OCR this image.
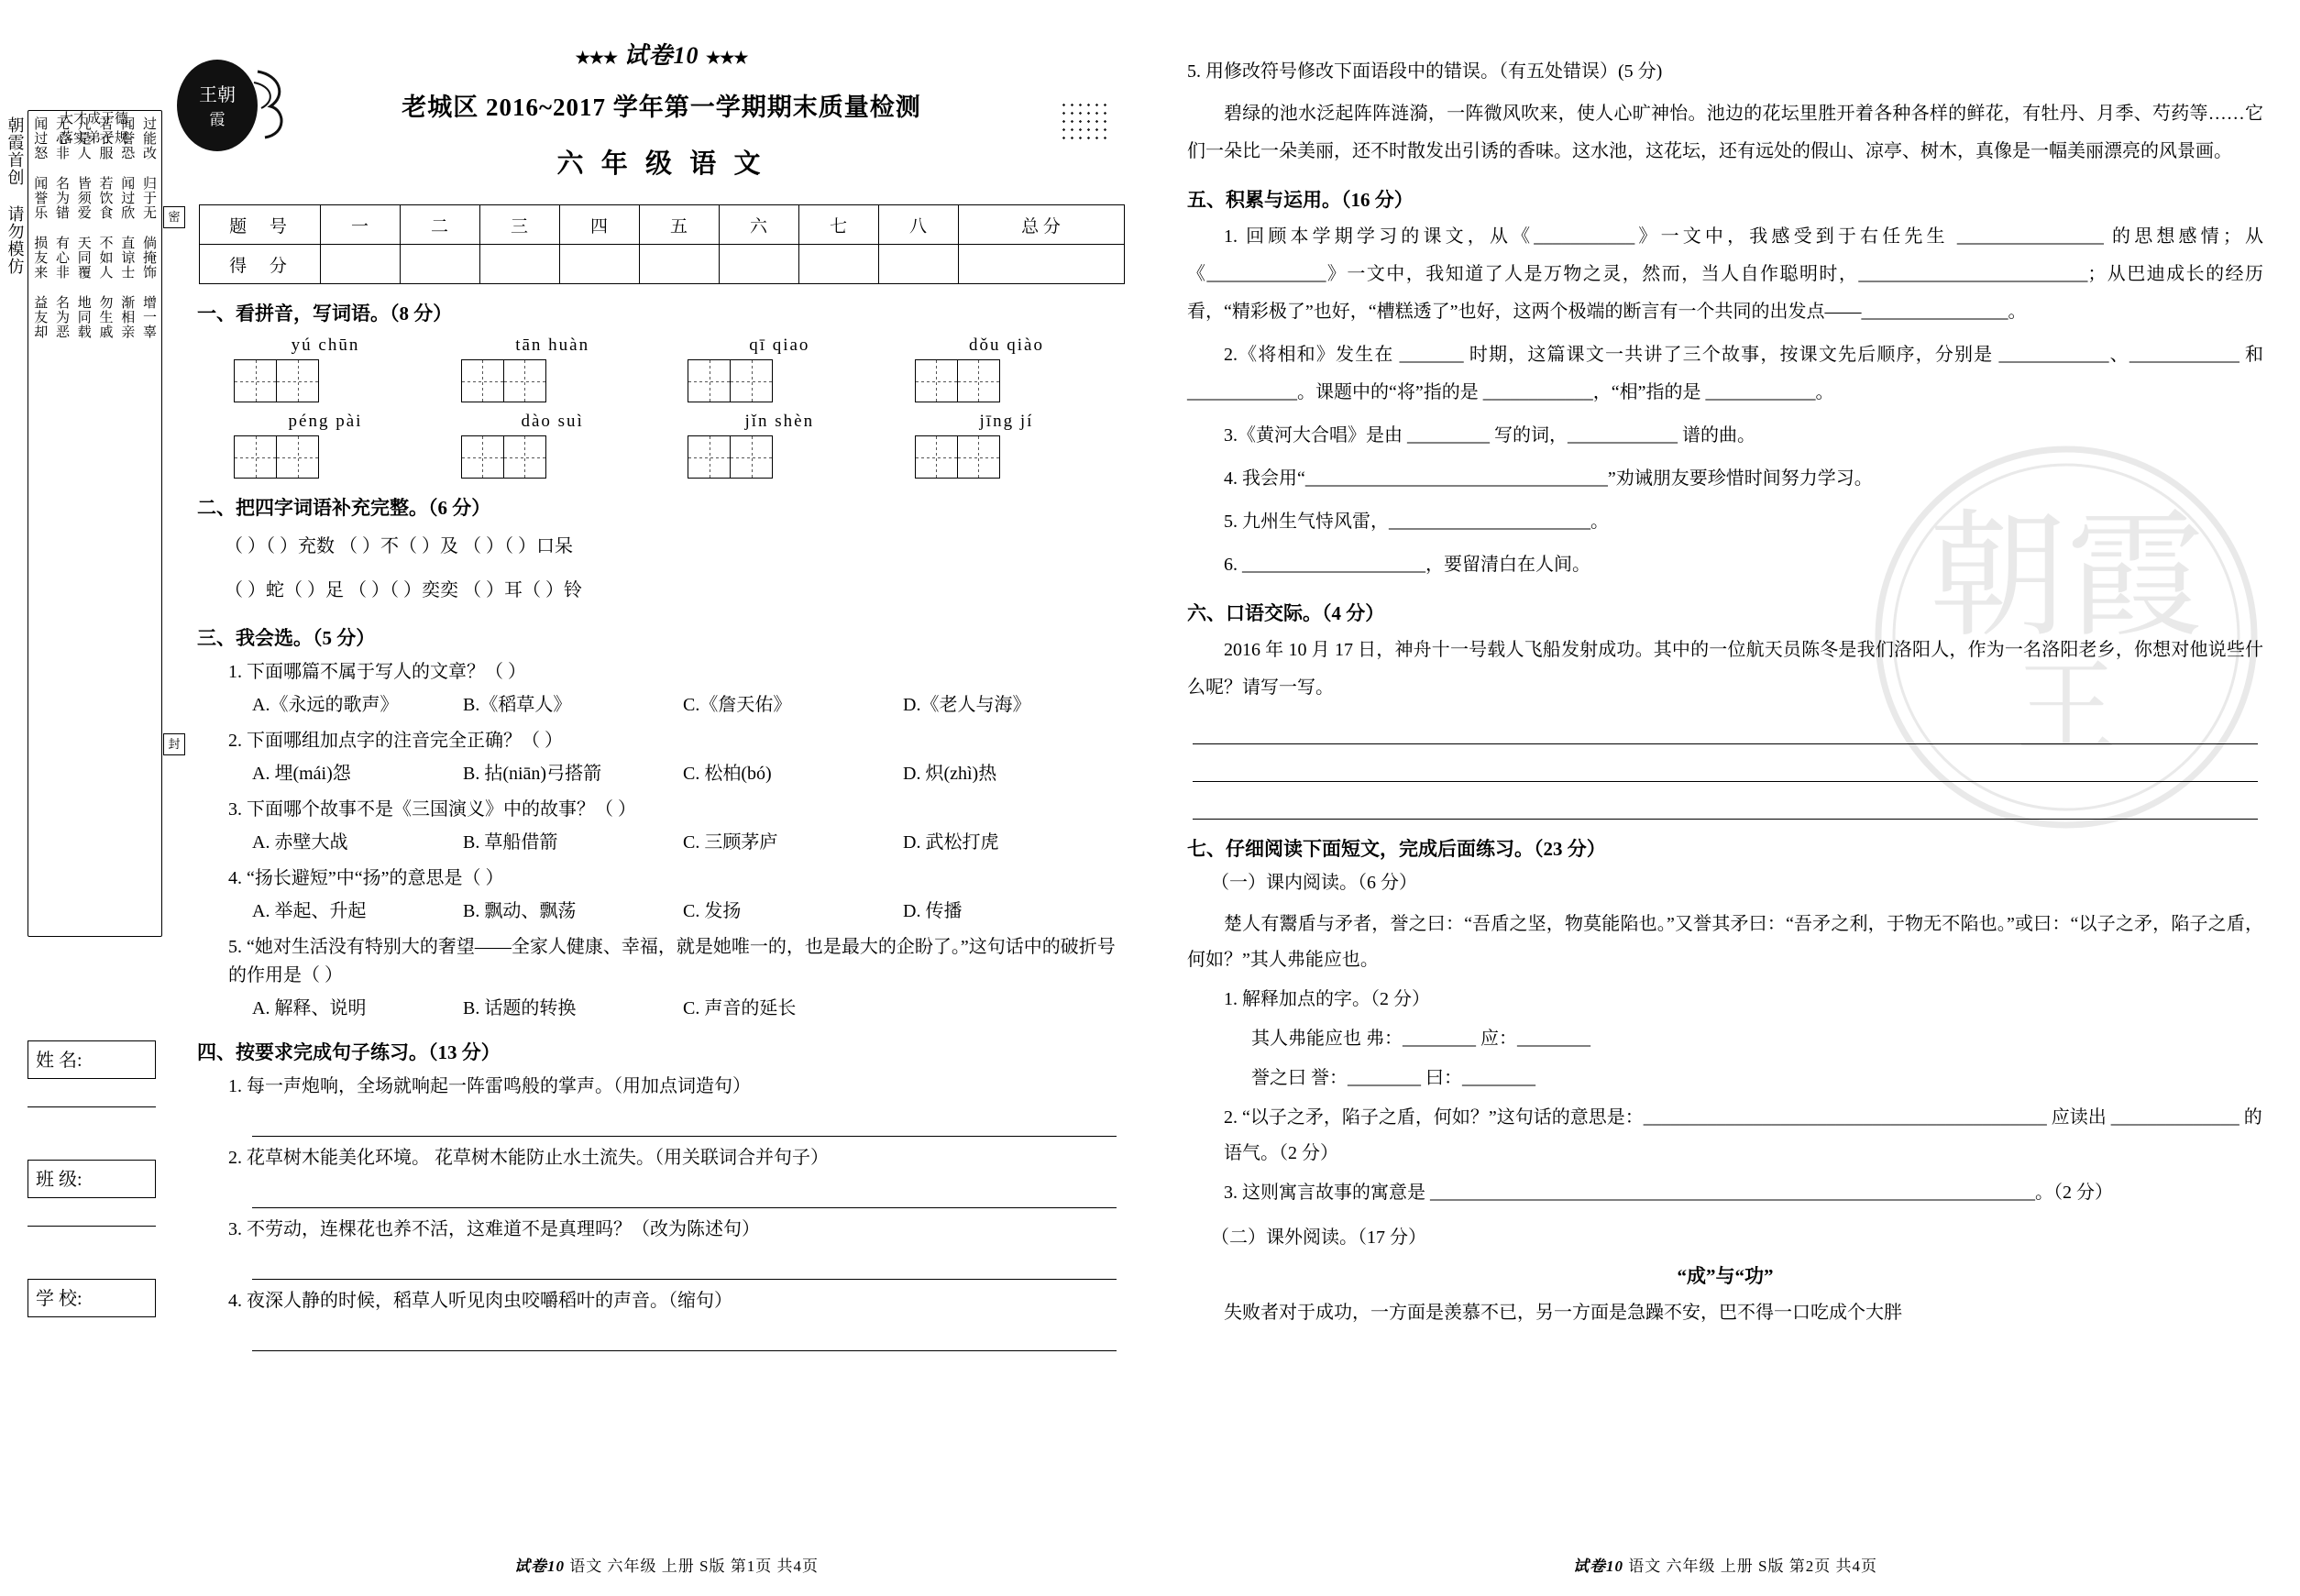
王朝
霞
大才成于德
落实弟子规 过能改 归于无 倘掩饰 增一辜
闻誉恐 闻过欣 直谅士 渐相亲
若衣服 若饮食 不如人 勿生戚
凡是人 皆须爱 天同覆 地同载
无心非 名为错 有心非 名为恶
闻过怒 闻誉乐 损友来 益友却
朝霞首创 请勿模仿	密
封
姓 名:
班 级:
学 校:
★★★ 试卷10 ★★★
老城区 2016~2017 学年第一学期期末质量检测
六 年 级 语 文
题 号	一	二	三	四	五	六	七	八	总 分
得 分									
一、看拼音，写词语。（8 分）
yú chūn	tān huàn	qī qiao	dǒu qiào
péng pài	dào suì	jǐn shèn	jīng jí
二、把四字词语补充完整。（6 分）
（ ）（ ）充数 （ ）不（ ）及 （ ）（ ）口呆
（ ）蛇（ ）足 （ ）（ ）奕奕 （ ）耳（ ）铃
三、我会选。（5 分）
1. 下面哪篇不属于写人的文章？（ ）
A.《永远的歌声》	B.《稻草人》	C.《詹天佑》	D.《老人与海》
2. 下面哪组加点字的注音完全正确？（ ）
A. 埋(mái)怨	B. 拈(niān)弓搭箭	C. 松柏(bó)	D. 炽(zhì)热
3. 下面哪个故事不是《三国演义》中的故事？（ ）
A. 赤壁大战	B. 草船借箭	C. 三顾茅庐	D. 武松打虎
4. “扬长避短”中“扬”的意思是（ ）
A. 举起、升起	B. 飘动、飘荡	C. 发扬	D. 传播
5. “她对生活没有特别大的奢望——全家人健康、幸福，就是她唯一的，也是最大的企盼了。”这句话中的破折号的作用是（ ）
A. 解释、说明	B. 话题的转换	C. 声音的延长
四、按要求完成句子练习。（13 分）
1. 每一声炮响，全场就响起一阵雷鸣般的掌声。（用加点词造句）
2. 花草树木能美化环境。 花草树木能防止水土流失。（用关联词合并句子）
3. 不劳动，连棵花也养不活，这难道不是真理吗？（改为陈述句）
4. 夜深人静的时候，稻草人听见肉虫咬嚼稻叶的声音。（缩句）
试卷10 语文 六年级 上册 S版 第1页 共4页
朝霞
王
5. 用修改符号修改下面语段中的错误。（有五处错误）(5 分)
碧绿的池水泛起阵阵涟漪，一阵微风吹来，使人心旷神怡。池边的花坛里胜开着各种各样的鲜花，有牡丹、月季、芍药等……它们一朵比一朵美丽，还不时散发出引诱的香味。这水池，这花坛，还有远处的假山、凉亭、树木，真像是一幅美丽漂亮的风景画。
五、积累与运用。（16 分）
1. 回顾本学期学习的课文，从《___________》一文中，我感受到于右任先生 ________________ 的思想感情；从《_____________》一文中，我知道了人是万物之灵，然而，当人自作聪明时，_________________________；从巴迪成长的经历看，“精彩极了”也好，“槽糕透了”也好，这两个极端的断言有一个共同的出发点——________________。
2.《将相和》发生在 _______ 时期，这篇课文一共讲了三个故事，按课文先后顺序，分别是 ____________、____________ 和 ____________。课题中的“将”指的是 ____________，“相”指的是 ____________。
3.《黄河大合唱》是由 _________ 写的词，____________ 谱的曲。
4. 我会用“_________________________________”劝诫朋友要珍惜时间努力学习。
5. 九州生气恃风雷，______________________。
6. ____________________，要留清白在人间。
六、口语交际。（4 分）
2016 年 10 月 17 日，神舟十一号载人飞船发射成功。其中的一位航天员陈冬是我们洛阳人，作为一名洛阳老乡，你想对他说些什么呢？请写一写。
七、仔细阅读下面短文，完成后面练习。（23 分）
（一）课内阅读。（6 分）
楚人有鬻盾与矛者，誉之曰：“吾盾之坚，物莫能陷也。”又誉其矛曰：“吾矛之利，于物无不陷也。”或曰：“以子之矛，陷子之盾，何如？”其人弗能应也。
1. 解释加点的字。（2 分）
其人弗能应也 弗：________ 应：________
誉之曰 誉：________ 曰：________
2. “以子之矛，陷子之盾，何如？”这句话的意思是：____________________________________________ 应读出 ______________ 的语气。（2 分）
3. 这则寓言故事的寓意是 __________________________________________________________________。（2 分）
（二）课外阅读。（17 分）
“成”与“功”
失败者对于成功，一方面是羡慕不已，另一方面是急躁不安，巴不得一口吃成个大胖
试卷10 语文 六年级 上册 S版 第2页 共4页
